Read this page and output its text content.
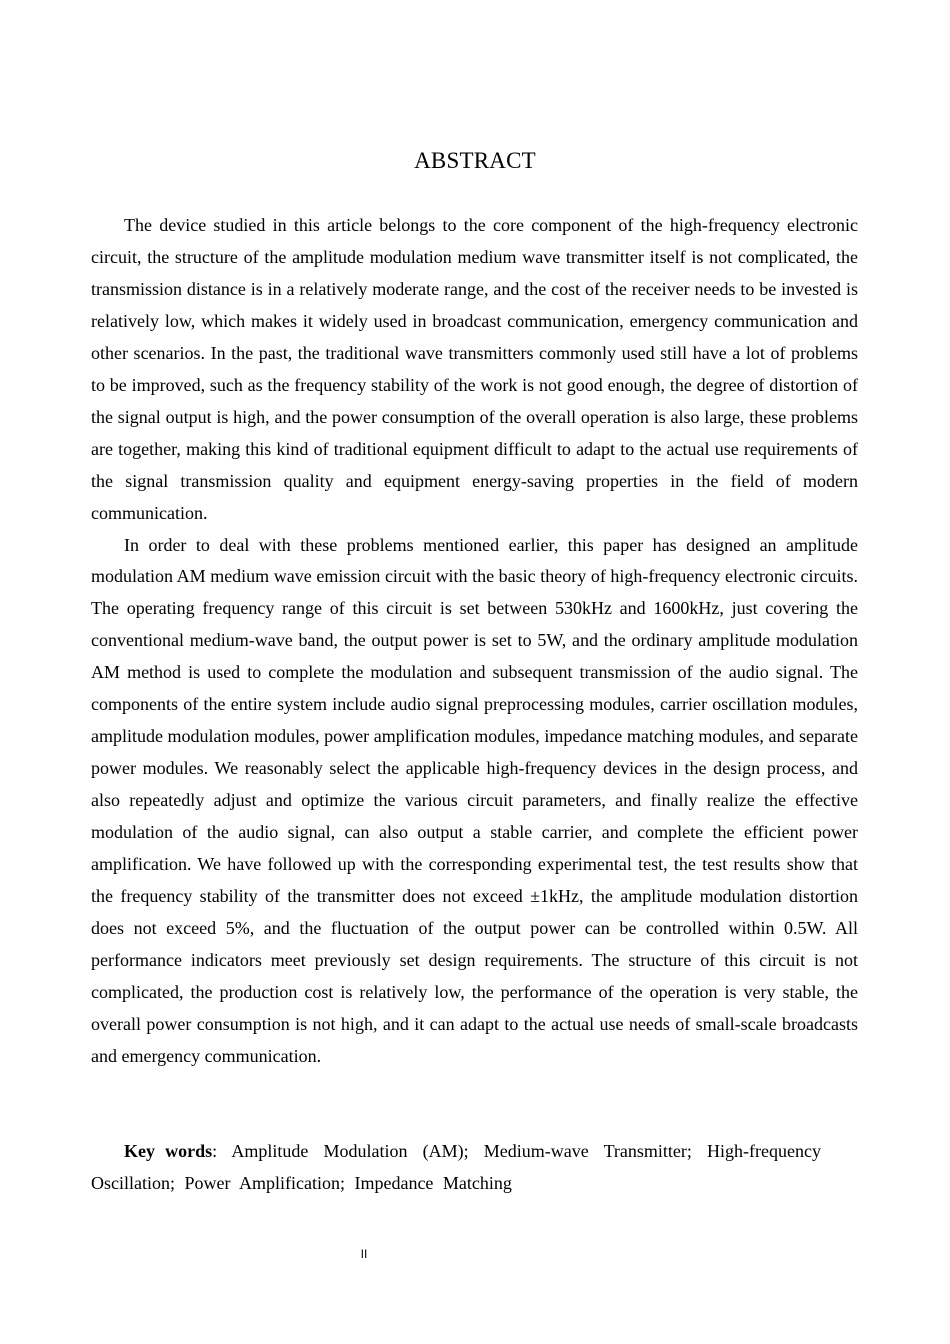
ABSTRACT

The device studied in this article belongs to the core component of the high-frequency electronic circuit, the structure of the amplitude modulation medium wave transmitter itself is not complicated, the transmission distance is in a relatively moderate range, and the cost of the receiver needs to be invested is relatively low, which makes it widely used in broadcast communication, emergency communication and other scenarios. In the past, the traditional wave transmitters commonly used still have a lot of problems to be improved, such as the frequency stability of the work is not good enough, the degree of distortion of the signal output is high, and the power consumption of the overall operation is also large, these problems are together, making this kind of traditional equipment difficult to adapt to the actual use requirements of the signal transmission quality and equipment energy-saving properties in the field of modern communication.

In order to deal with these problems mentioned earlier, this paper has designed an amplitude modulation AM medium wave emission circuit with the basic theory of high-frequency electronic circuits. The operating frequency range of this circuit is set between 530kHz and 1600kHz, just covering the conventional medium-wave band, the output power is set to 5W, and the ordinary amplitude modulation AM method is used to complete the modulation and subsequent transmission of the audio signal. The components of the entire system include audio signal preprocessing modules, carrier oscillation modules, amplitude modulation modules, power amplification modules, impedance matching modules, and separate power modules. We reasonably select the applicable high-frequency devices in the design process, and also repeatedly adjust and optimize the various circuit parameters, and finally realize the effective modulation of the audio signal, can also output a stable carrier, and complete the efficient power amplification. We have followed up with the corresponding experimental test, the test results show that the frequency stability of the transmitter does not exceed ±1kHz, the amplitude modulation distortion does not exceed 5%, and the fluctuation of the output power can be controlled within 0.5W. All performance indicators meet previously set design requirements. The structure of this circuit is not complicated, the production cost is relatively low, the performance of the operation is very stable, the overall power consumption is not high, and it can adapt to the actual use needs of small-scale broadcasts and emergency communication.

Key words: Amplitude Modulation (AM); Medium-wave Transmitter; High-frequency Oscillation; Power Amplification; Impedance Matching
II
